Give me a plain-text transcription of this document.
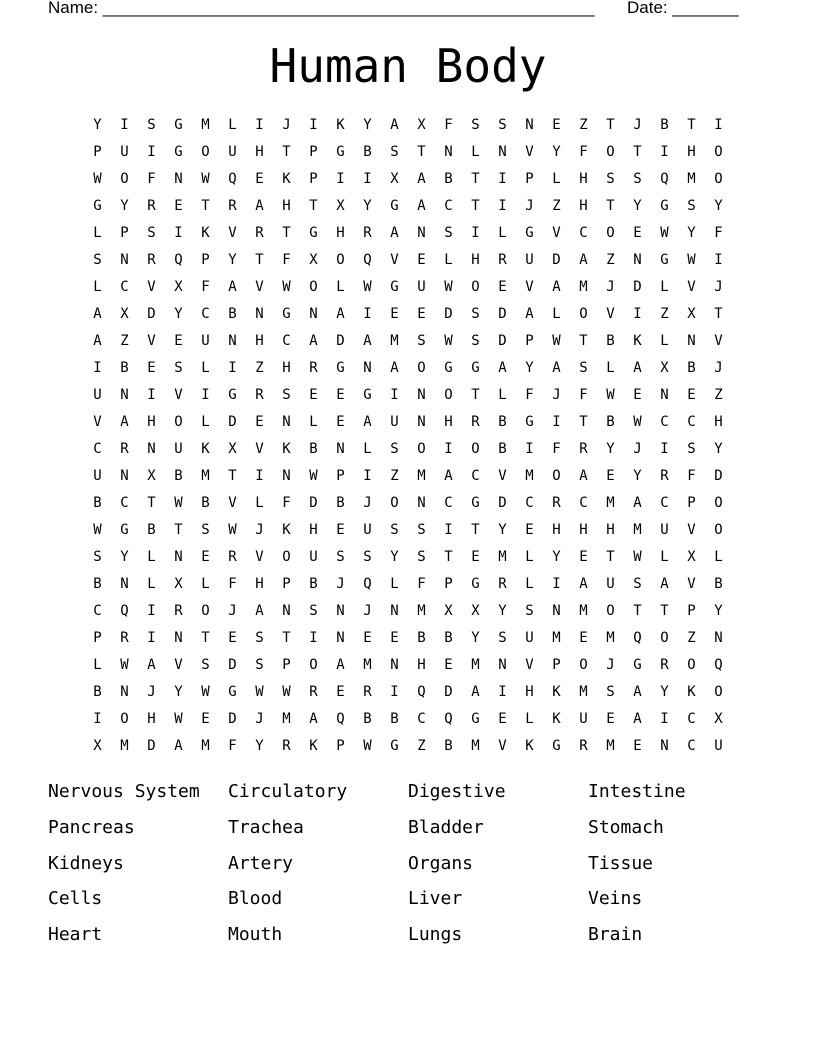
Name: ____________________________________________________ Date: _______
Human Body
Y	I	S	G	M	L	I	J	I	K	Y	A	X	F	S	S	N	E	Z	T	J	B	T	I
P	U	I	G	O	U	H	T	P	G	B	S	T	N	L	N	V	Y	F	O	T	I	H	O
W	O	F	N	W	Q	E	K	P	I	I	X	A	B	T	I	P	L	H	S	S	Q	M	O
G	Y	R	E	T	R	A	H	T	X	Y	G	A	C	T	I	J	Z	H	T	Y	G	S	Y
L	P	S	I	K	V	R	T	G	H	R	A	N	S	I	L	G	V	C	O	E	W	Y	F
S	N	R	Q	P	Y	T	F	X	O	Q	V	E	L	H	R	U	D	A	Z	N	G	W	I
L	C	V	X	F	A	V	W	O	L	W	G	U	W	O	E	V	A	M	J	D	L	V	J
A	X	D	Y	C	B	N	G	N	A	I	E	E	D	S	D	A	L	O	V	I	Z	X	T
A	Z	V	E	U	N	H	C	A	D	A	M	S	W	S	D	P	W	T	B	K	L	N	V
I	B	E	S	L	I	Z	H	R	G	N	A	O	G	G	A	Y	A	S	L	A	X	B	J
U	N	I	V	I	G	R	S	E	E	G	I	N	O	T	L	F	J	F	W	E	N	E	Z
V	A	H	O	L	D	E	N	L	E	A	U	N	H	R	B	G	I	T	B	W	C	C	H
C	R	N	U	K	X	V	K	B	N	L	S	O	I	O	B	I	F	R	Y	J	I	S	Y
U	N	X	B	M	T	I	N	W	P	I	Z	M	A	C	V	M	O	A	E	Y	R	F	D
B	C	T	W	B	V	L	F	D	B	J	O	N	C	G	D	C	R	C	M	A	C	P	O
W	G	B	T	S	W	J	K	H	E	U	S	S	I	T	Y	E	H	H	H	M	U	V	O
S	Y	L	N	E	R	V	O	U	S	S	Y	S	T	E	M	L	Y	E	T	W	L	X	L
B	N	L	X	L	F	H	P	B	J	Q	L	F	P	G	R	L	I	A	U	S	A	V	B
C	Q	I	R	O	J	A	N	S	N	J	N	M	X	X	Y	S	N	M	O	T	T	P	Y
P	R	I	N	T	E	S	T	I	N	E	E	B	B	Y	S	U	M	E	M	Q	O	Z	N
L	W	A	V	S	D	S	P	O	A	M	N	H	E	M	N	V	P	O	J	G	R	O	Q
B	N	J	Y	W	G	W	W	R	E	R	I	Q	D	A	I	H	K	M	S	A	Y	K	O
I	O	H	W	E	D	J	M	A	Q	B	B	C	Q	G	E	L	K	U	E	A	I	C	X
X	M	D	A	M	F	Y	R	K	P	W	G	Z	B	M	V	K	G	R	M	E	N	C	U
Nervous System	Circulatory	Digestive	Intestine
Pancreas	Trachea	Bladder	Stomach
Kidneys	Artery	Organs	Tissue
Cells	Blood	Liver	Veins
Heart	Mouth	Lungs	Brain
